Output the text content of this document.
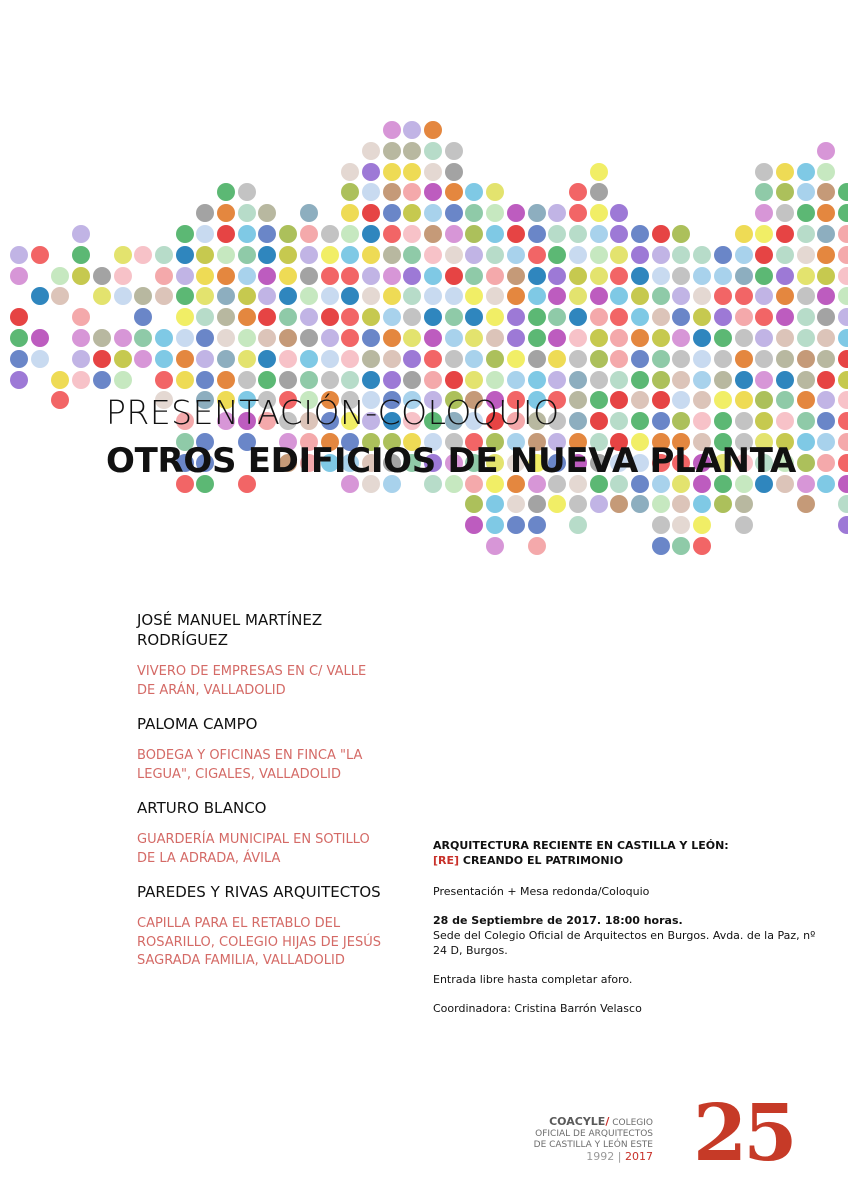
PRESENTACIÓN-COLOQUIO
OTROS EDIFICIOS DE NUEVA PLANTA
JOSÉ MANUEL MARTÍNEZ RODRÍGUEZ
VIVERO DE EMPRESAS EN C/ VALLE DE ARÁN, VALLADOLID
PALOMA CAMPO
BODEGA Y OFICINAS EN FINCA "LA LEGUA", CIGALES, VALLADOLID
ARTURO BLANCO
GUARDERÍA MUNICIPAL EN SOTILLO DE LA ADRADA, ÁVILA
PAREDES Y RIVAS ARQUITECTOS
CAPILLA PARA EL RETABLO DEL ROSARILLO, COLEGIO HIJAS DE JESÚS SAGRADA FAMILIA, VALLADOLID
ARQUITECTURA RECIENTE EN CASTILLA Y LEÓN:
[RE] CREANDO EL PATRIMONIO

Presentación + Mesa redonda/Coloquio

28 de Septiembre de 2017. 18:00 horas.

Sede del Colegio Oficial de Arquitectos en Burgos. Avda. de la Paz, nº 24 D, Burgos.

Entrada libre hasta completar aforo.

Coordinadora: Cristina Barrón Velasco

COACYLE/ COLEGIO
OFICIAL DE ARQUITECTOS
DE CASTILLA Y LEÓN ESTE
1992 | 2017 25
